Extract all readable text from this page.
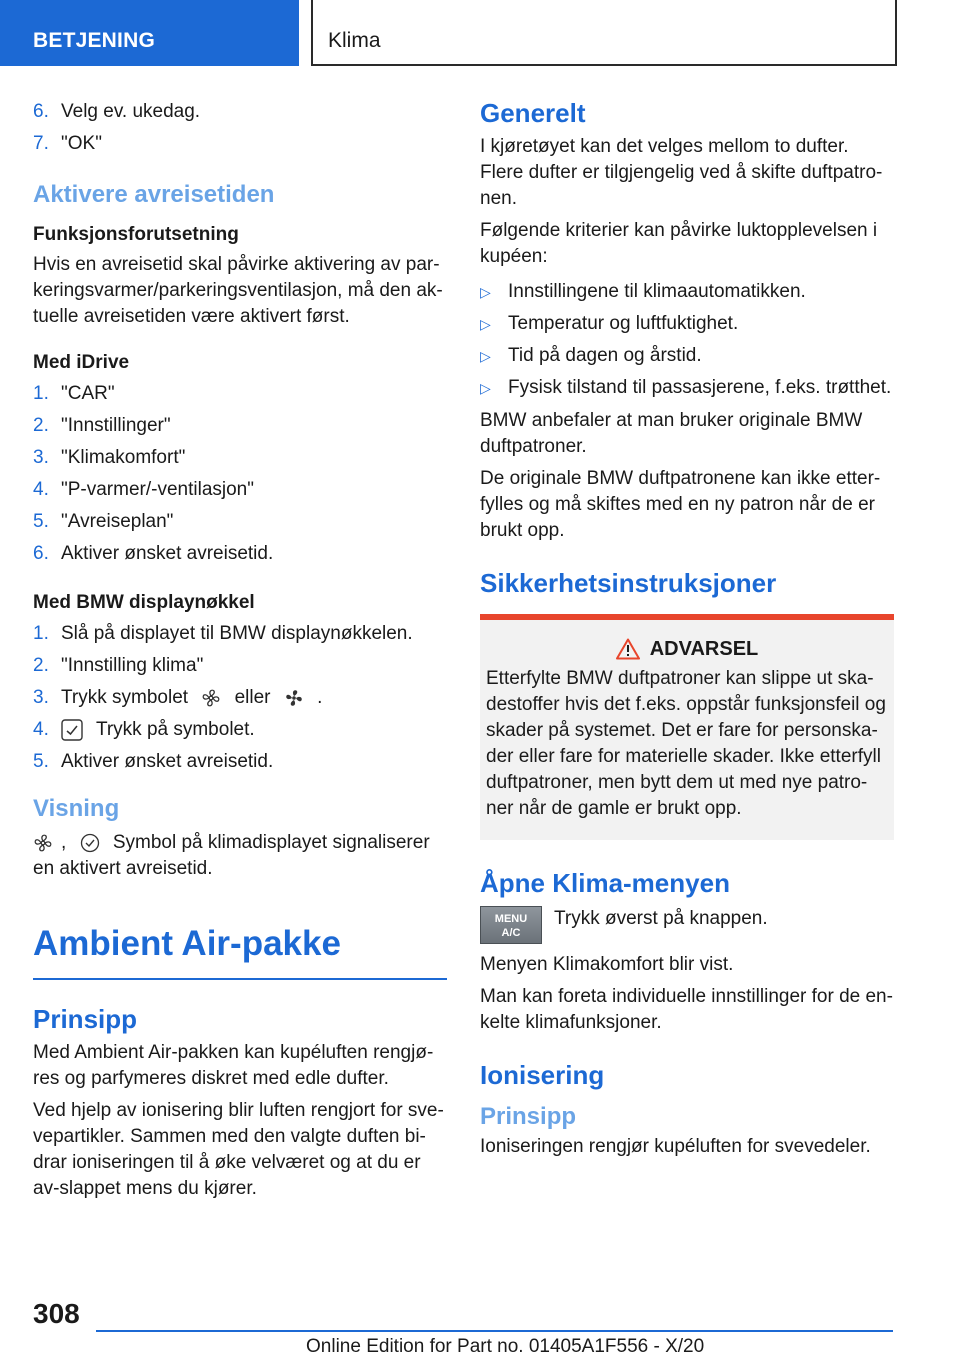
BETJENING	Klima
6. Velg ev. ukedag.
7. "OK"
Aktivere avreisetiden
Funksjonsforutsetning

Hvis en avreisetid skal påvirke aktivering av par-keringsvarmer/parkeringsventilasjon, må den ak-tuelle avreisetiden være aktivert først.

Med iDrive
1. "CAR"
2. "Innstillinger"
3. "Klimakomfort"
4. "P-varmer/-ventilasjon"
5. "Avreiseplan"
6. Aktiver ønsket avreisetid.
Med BMW displaynøkkel
1. Slå på displayet til BMW displaynøkkelen.
2. "Innstilling klima"
3. Trykk symbolet eller .
4.	Trykk på symbolet.
5. Aktiver ønsket avreisetid.
Visning

, Symbol på klimadisplayet signaliserer en aktivert avreisetid.

Ambient Air-pakke
Prinsipp

Med Ambient Air-pakken kan kupéluften rengjø-res og parfymeres diskret med edle dufter.

Ved hjelp av ionisering blir luften rengjort for sve-vepartikler. Sammen med den valgte duften bi-drar ioniseringen til å øke velværet og at du er av-slappet mens du kjører.

Generelt

I kjøretøyet kan det velges mellom to dufter. Flere dufter er tilgjengelig ved å skifte duftpatro-nen.

Følgende kriterier kan påvirke luktopplevelsen i kupéen:

▷ Innstillingene til klimaautomatikken.
▷ Temperatur og luftfuktighet.
▷ Tid på dagen og årstid.
▷ Fysisk tilstand til passasjerene, f.eks. trøtthet.

BMW anbefaler at man bruker originale BMW duftpatroner.

De originale BMW duftpatronene kan ikke etter-fylles og må skiftes med en ny patron når de er brukt opp.

Sikkerhetsinstruksjoner
ADVARSEL

Etterfylte BMW duftpatroner kan slippe ut ska-destoffer hvis det f.eks. oppstår funksjonsfeil og skader på systemet. Det er fare for personska-der eller fare for materielle skader. Ikke etterfyll duftpatroner, men bytt dem ut med nye patro-ner når de gamle er brukt opp.

Åpne Klima-menyen
MENU
A/C
Trykk øverst på knappen.

Menyen Klimakomfort blir vist.

Man kan foreta individuelle innstillinger for de en-kelte klimafunksjoner.

Ionisering
Prinsipp

Ioniseringen rengjør kupéluften for svevedeler.

308
Online Edition for Part no. 01405A1F556 - X/20
